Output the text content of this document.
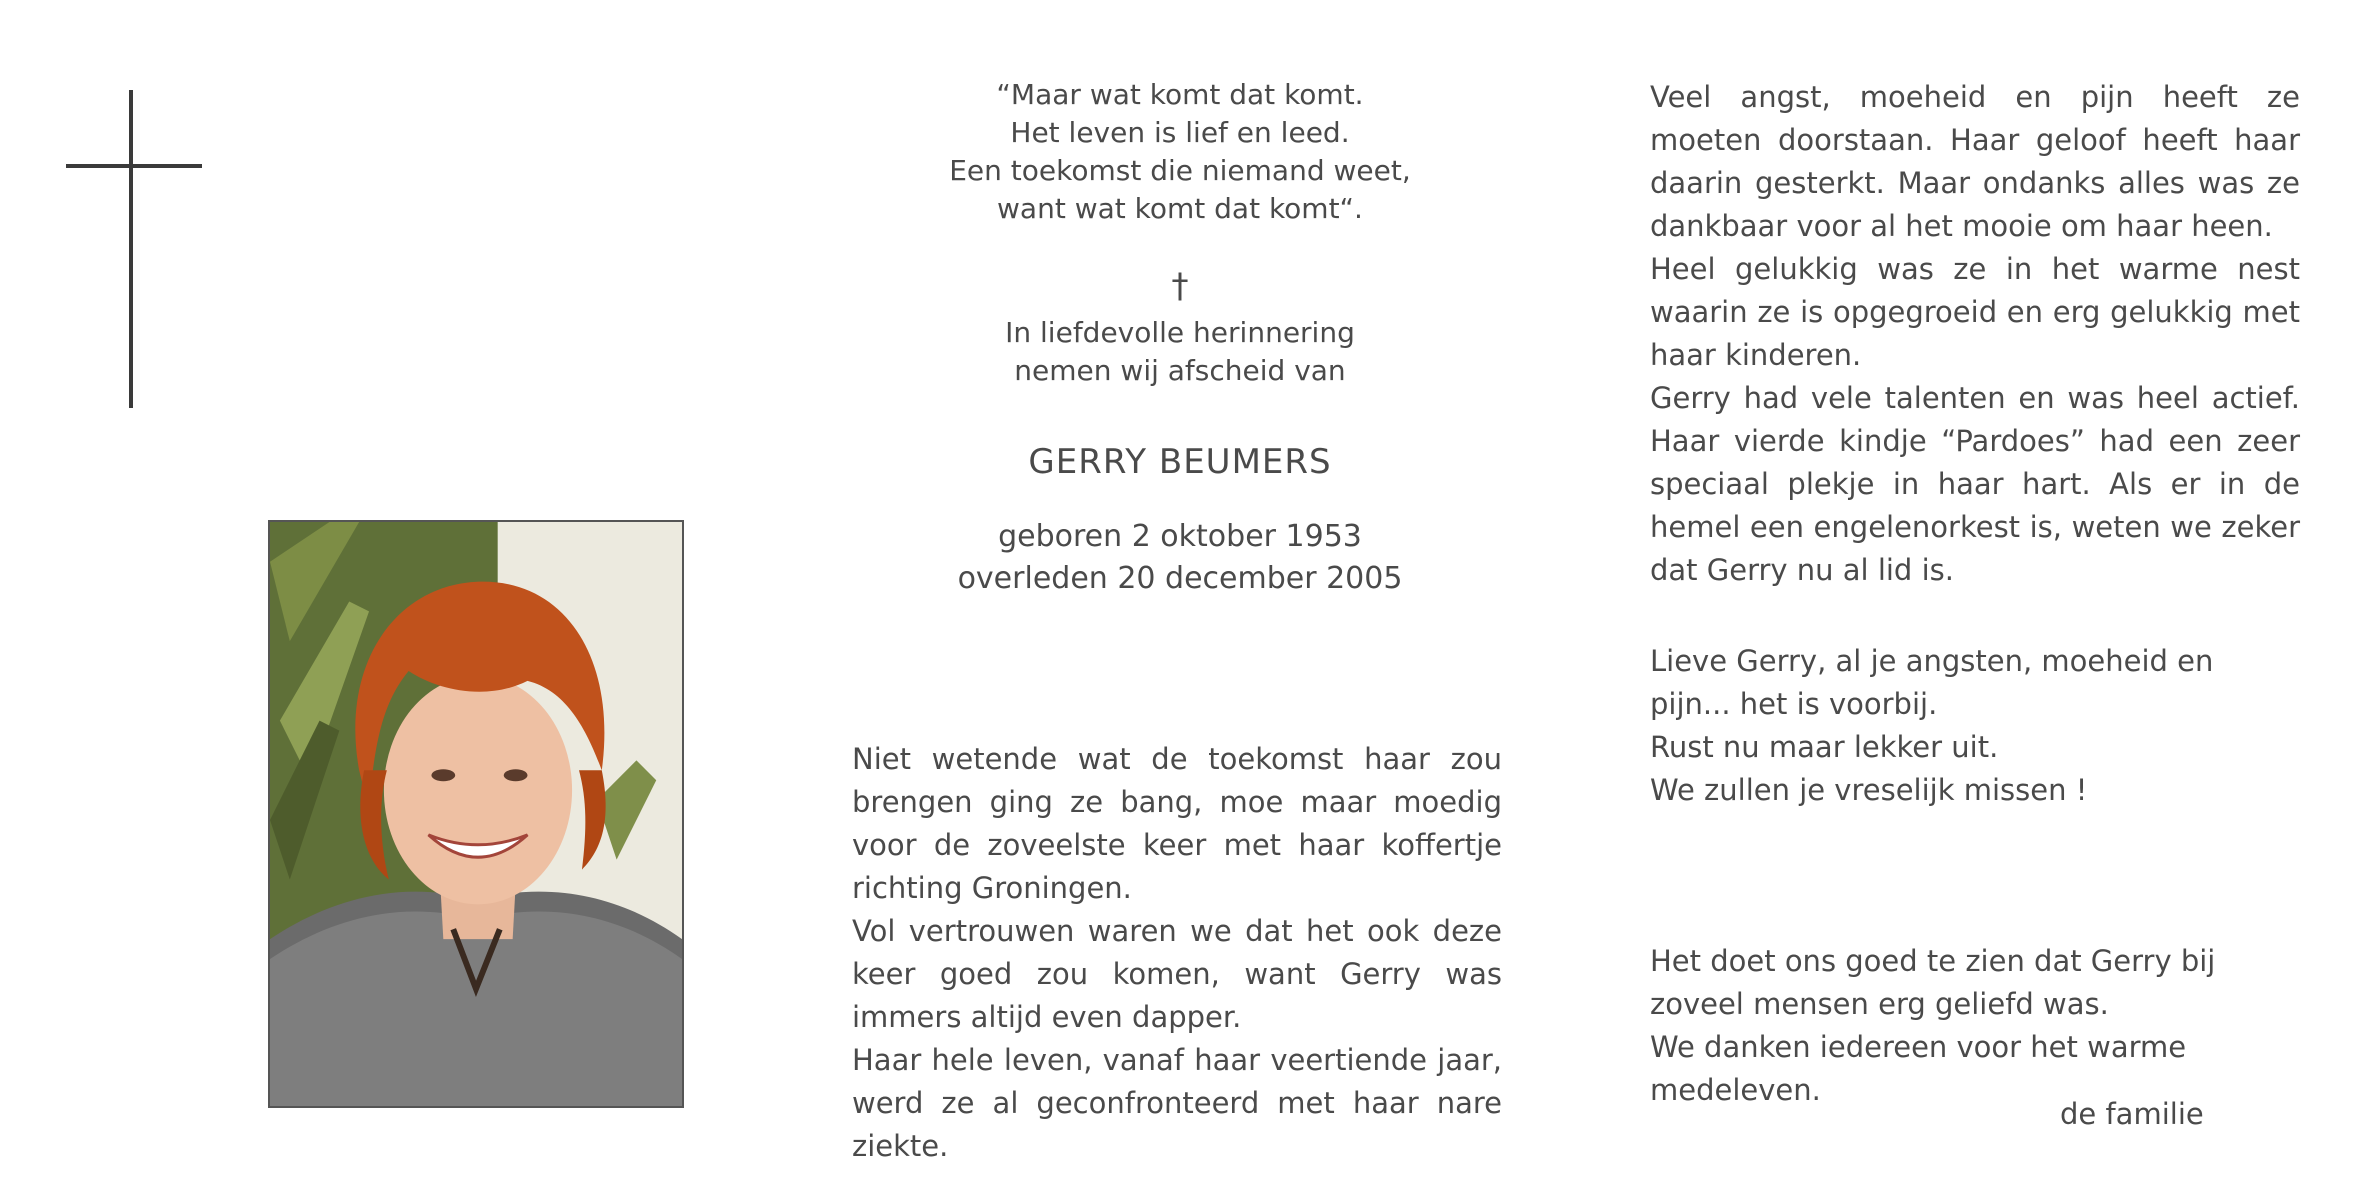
“Maar wat komt dat komt.
Het leven is lief en leed.
Een toekomst die niemand weet,
want wat komt dat komt“.
†
In liefdevolle herinnering
nemen wij afscheid van
GERRY BEUMERS
geboren 2 oktober 1953
overleden 20 december 2005

Niet wetende wat de toekomst haar zou brengen ging ze bang, moe maar moedig voor de zoveelste keer met haar koffertje richting Groningen.

Vol vertrouwen waren we dat het ook deze keer goed zou komen, want Gerry was immers altijd even dapper.

Haar hele leven, vanaf haar veertiende jaar, werd ze al geconfronteerd met haar nare ziekte.

Veel angst, moeheid en pijn heeft ze moeten doorstaan. Haar geloof heeft haar daarin gesterkt. Maar ondanks alles was ze dankbaar voor al het mooie om haar heen.

Heel gelukkig was ze in het warme nest waarin ze is opgegroeid en erg gelukkig met haar kinderen.

Gerry had vele talenten en was heel actief. Haar vierde kindje “Pardoes” had een zeer speciaal plekje in haar hart. Als er in de hemel een engelenorkest is, weten we zeker dat Gerry nu al lid is.

Lieve Gerry, al je angsten, moeheid en pijn... het is voorbij.

Rust nu maar lekker uit.

We zullen je vreselijk missen !

Het doet ons goed te zien dat Gerry bij zoveel mensen erg geliefd was.

We danken iedereen voor het warme medeleven.

de familie
